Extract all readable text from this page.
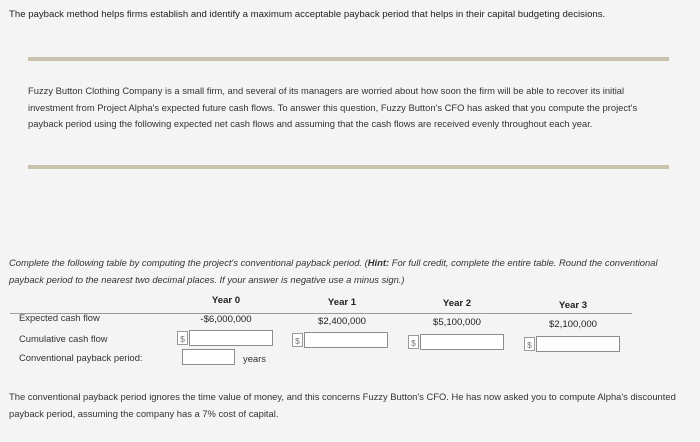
The payback method helps firms establish and identify a maximum acceptable payback period that helps in their capital budgeting decisions.
Fuzzy Button Clothing Company is a small firm, and several of its managers are worried about how soon the firm will be able to recover its initial investment from Project Alpha's expected future cash flows. To answer this question, Fuzzy Button's CFO has asked that you compute the project's payback period using the following expected net cash flows and assuming that the cash flows are received evenly throughout each year.
Complete the following table by computing the project's conventional payback period. (Hint: For full credit, complete the entire table. Round the conventional payback period to the nearest two decimal places. If your answer is negative use a minus sign.)
Year 0	Year 1	Year 2	Year 3
Expected cash flow	-$6,000,000	$2,400,000	$5,100,000	$2,100,000
Cumulative cash flow	$	$	$	$
Conventional payback period:	years
The conventional payback period ignores the time value of money, and this concerns Fuzzy Button's CFO. He has now asked you to compute Alpha's discounted payback period, assuming the company has a 7% cost of capital.
